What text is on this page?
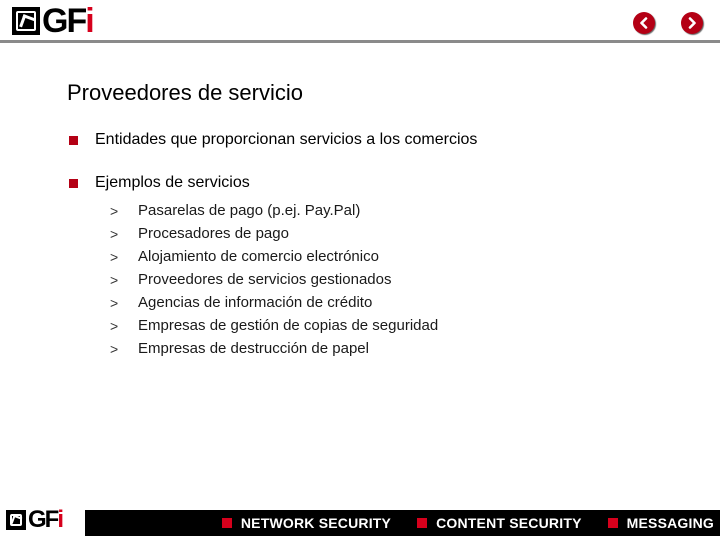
GFi
Proveedores de servicio
Entidades que proporcionan servicios a los comercios
Ejemplos de servicios
>	Pasarelas de pago (p.ej. Pay.Pal)
>	Procesadores de pago
>	Alojamiento de comercio electrónico
>	Proveedores de servicios gestionados
>	Agencias de información de crédito
>	Empresas de gestión de copias de seguridad
>	Empresas de destrucción de papel
GFi	NETWORK SECURITY	CONTENT SECURITY	MESSAGING
